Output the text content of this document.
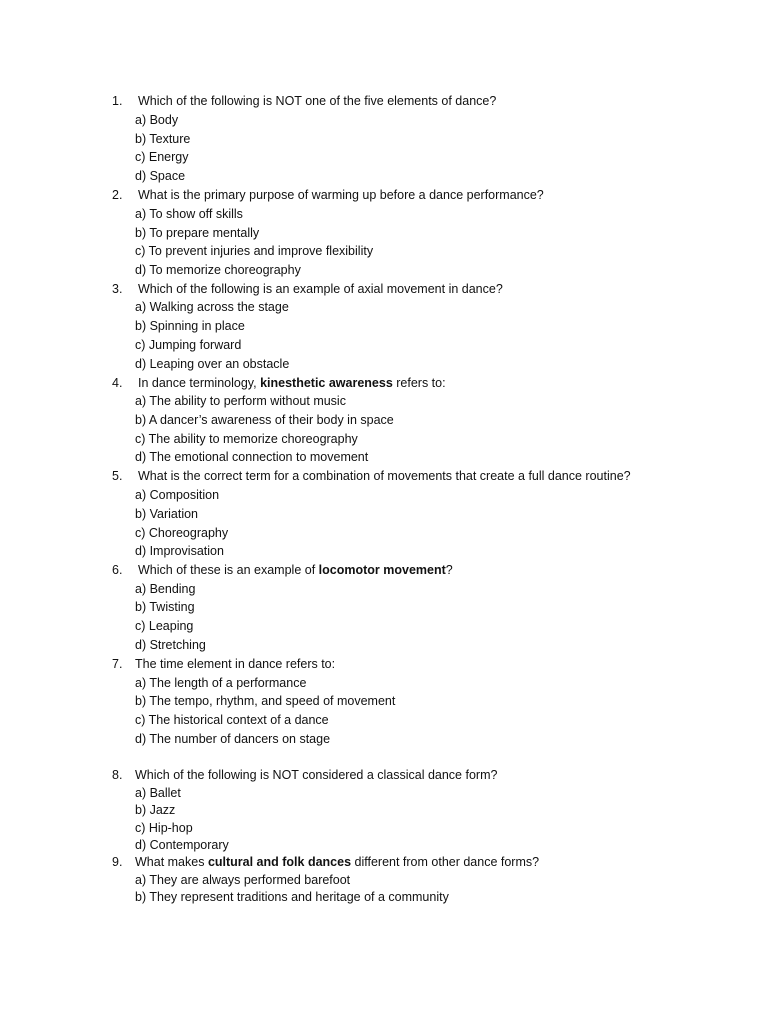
1. Which of the following is NOT one of the five elements of dance?
a) Body
b) Texture
c) Energy
d) Space
2. What is the primary purpose of warming up before a dance performance?
a) To show off skills
b) To prepare mentally
c) To prevent injuries and improve flexibility
d) To memorize choreography
3. Which of the following is an example of axial movement in dance?
a) Walking across the stage
b) Spinning in place
c) Jumping forward
d) Leaping over an obstacle
4. In dance terminology, kinesthetic awareness refers to:
a) The ability to perform without music
b) A dancer’s awareness of their body in space
c) The ability to memorize choreography
d) The emotional connection to movement
5. What is the correct term for a combination of movements that create a full dance routine?
a) Composition
b) Variation
c) Choreography
d) Improvisation
6. Which of these is an example of locomotor movement?
a) Bending
b) Twisting
c) Leaping
d) Stretching
7. The time element in dance refers to:
a) The length of a performance
b) The tempo, rhythm, and speed of movement
c) The historical context of a dance
d) The number of dancers on stage
8. Which of the following is NOT considered a classical dance form?
a) Ballet
b) Jazz
c) Hip-hop
d) Contemporary
9. What makes cultural and folk dances different from other dance forms?
a) They are always performed barefoot
b) They represent traditions and heritage of a community
